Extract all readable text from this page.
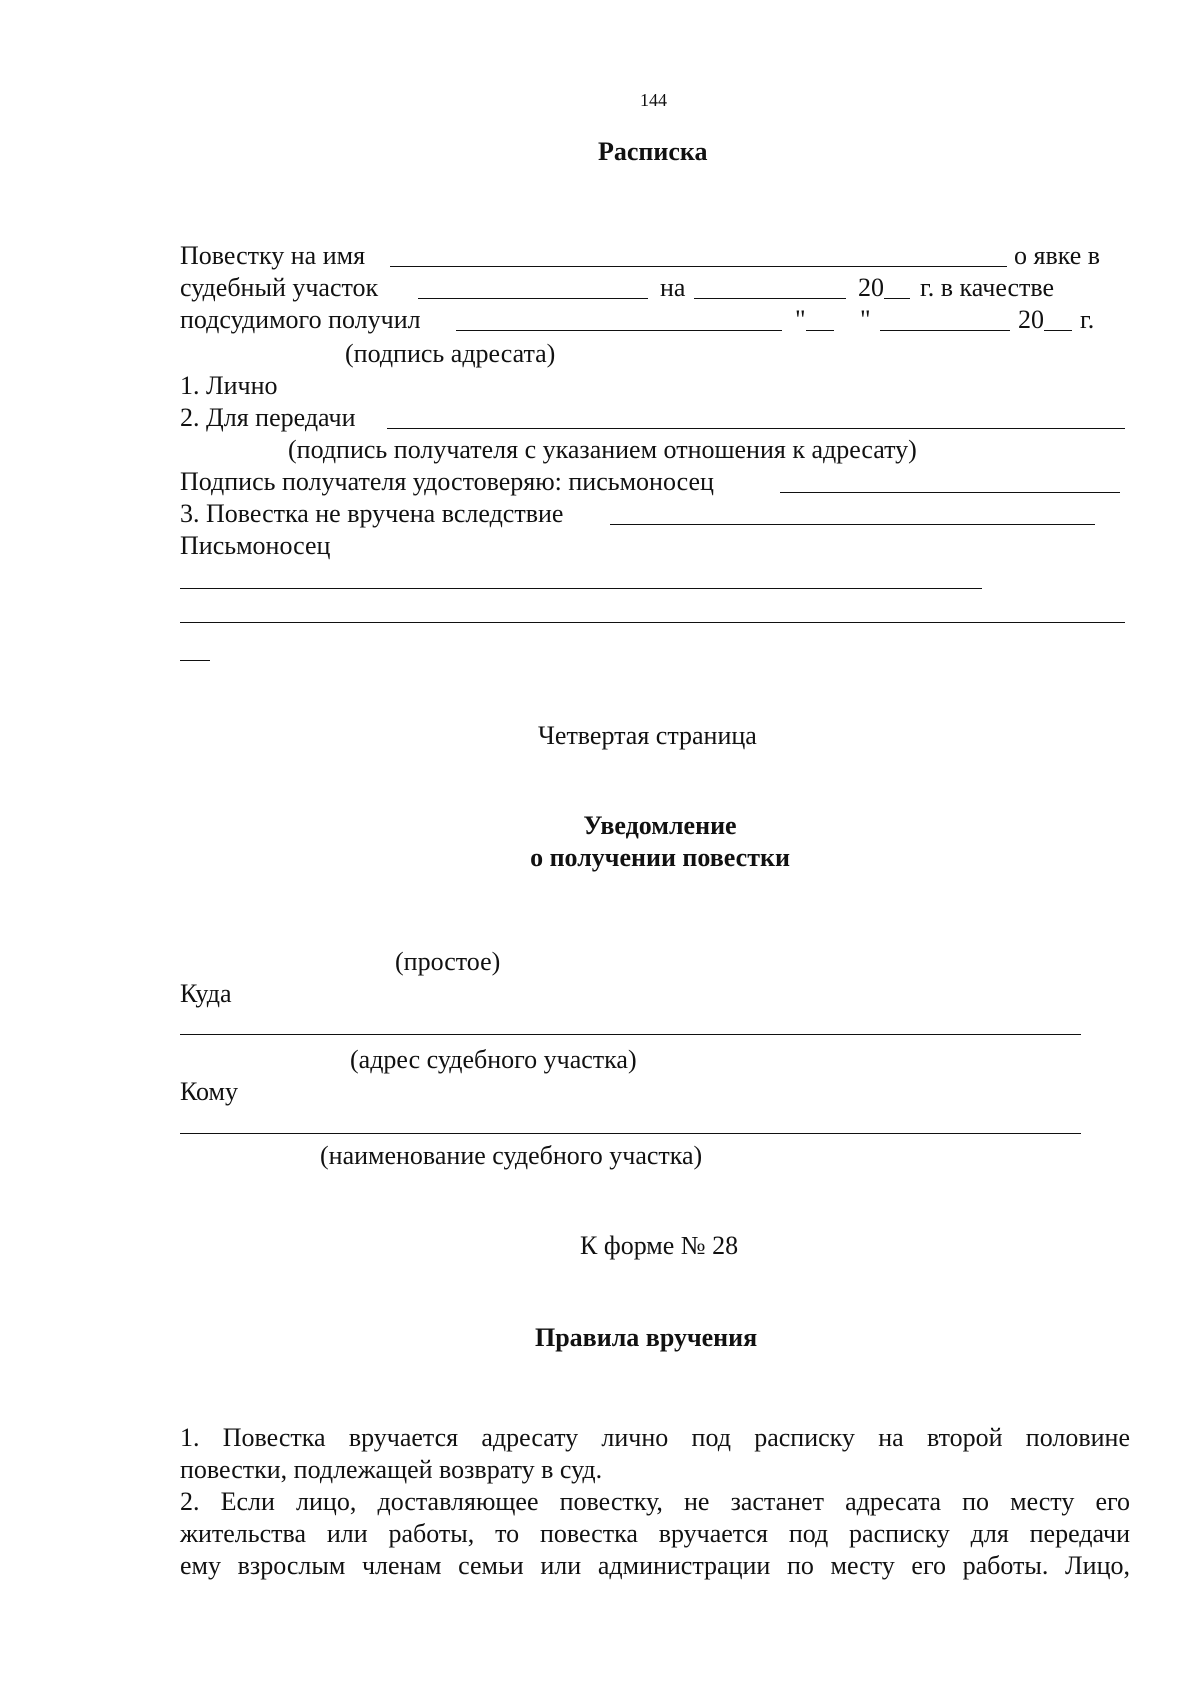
144
Расписка
Повестку на имя	о явке в
судебный участок	на	20 г. в качестве
подсудимого получил	" "	20 г.
(подпись адресата)
1. Лично
2. Для передачи
(подпись получателя с указанием отношения к адресату)
Подпись получателя удостоверяю: письмоносец
3. Повестка не вручена вследствие
Письмоносец
Четвертая страница
Уведомление
о получении повестки
(простое)
Куда
(адрес судебного участка)
Кому
(наименование судебного участка)
К форме № 28
Правила вручения
1. Повестка вручается адресату лично под расписку на второй половине
повестки, подлежащей возврату в суд.
2. Если лицо, доставляющее повестку, не застанет адресата по месту его
жительства или работы, то повестка вручается под расписку для передачи
ему взрослым членам семьи или администрации по месту его работы. Лицо,
